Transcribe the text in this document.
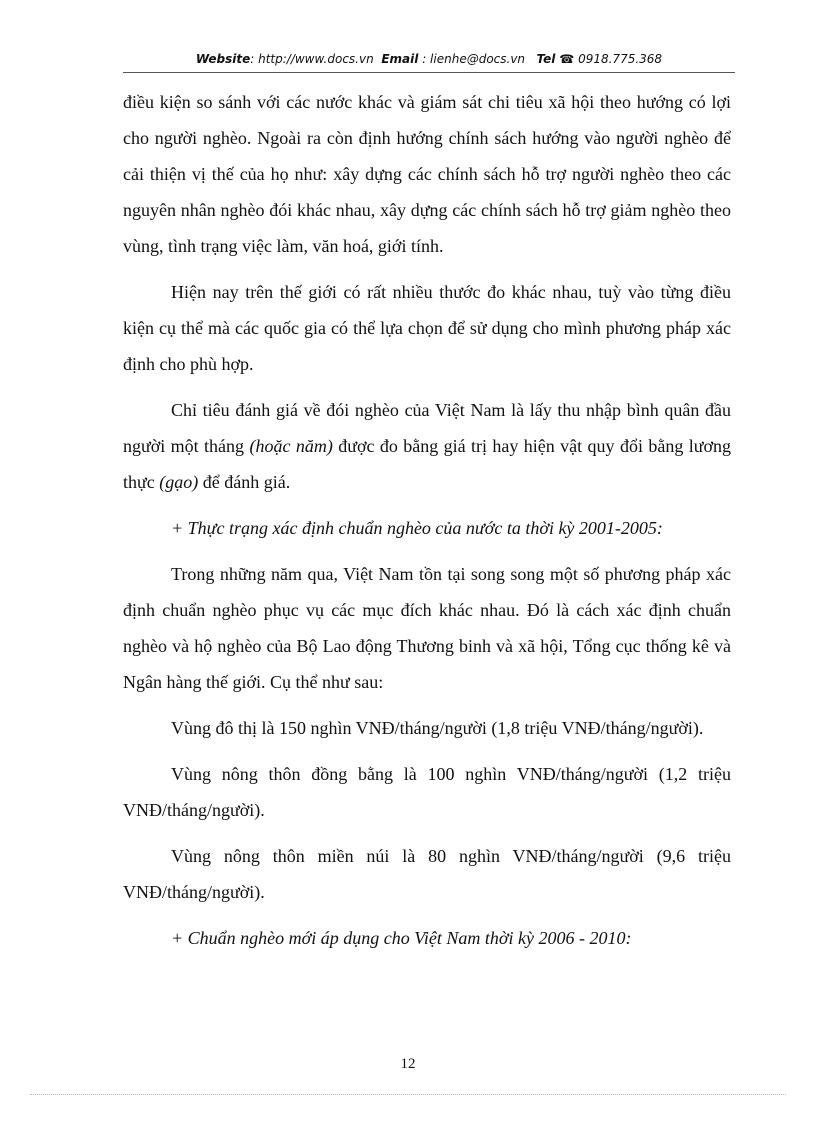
Website: http://www.docs.vn Email : lienhe@docs.vn Tel ☎: 0918.775.368

điều kiện so sánh với các nước khác và giám sát chi tiêu xã hội theo hướng có lợi cho người nghèo. Ngoài ra còn định hướng chính sách hướng vào người nghèo để cải thiện vị thế của họ như: xây dựng các chính sách hỗ trợ người nghèo theo các nguyên nhân nghèo đói khác nhau, xây dựng các chính sách hỗ trợ giảm nghèo theo vùng, tình trạng việc làm, văn hoá, giới tính.

Hiện nay trên thế giới có rất nhiều thước đo khác nhau, tuỳ vào từng điều kiện cụ thể mà các quốc gia có thể lựa chọn để sử dụng cho mình phương pháp xác định cho phù hợp.

Chỉ tiêu đánh giá về đói nghèo của Việt Nam là lấy thu nhập bình quân đầu người một tháng (hoặc năm) được đo bằng giá trị hay hiện vật quy đổi bằng lương thực (gạo) để đánh giá.

+ Thực trạng xác định chuẩn nghèo của nước ta thời kỳ 2001-2005:

Trong những năm qua, Việt Nam tồn tại song song một số phương pháp xác định chuẩn nghèo phục vụ các mục đích khác nhau. Đó là cách xác định chuẩn nghèo và hộ nghèo của Bộ Lao động Thương binh và xã hội, Tổng cục thống kê và Ngân hàng thế giới. Cụ thể như sau:

Vùng đô thị là 150 nghìn VNĐ/tháng/người (1,8 triệu VNĐ/tháng/người).

Vùng nông thôn đồng bằng là 100 nghìn VNĐ/tháng/người (1,2 triệu VNĐ/tháng/người).

Vùng nông thôn miền núi là 80 nghìn VNĐ/tháng/người (9,6 triệu VNĐ/tháng/người).

+ Chuẩn nghèo mới áp dụng cho Việt Nam thời kỳ 2006 - 2010:

12
